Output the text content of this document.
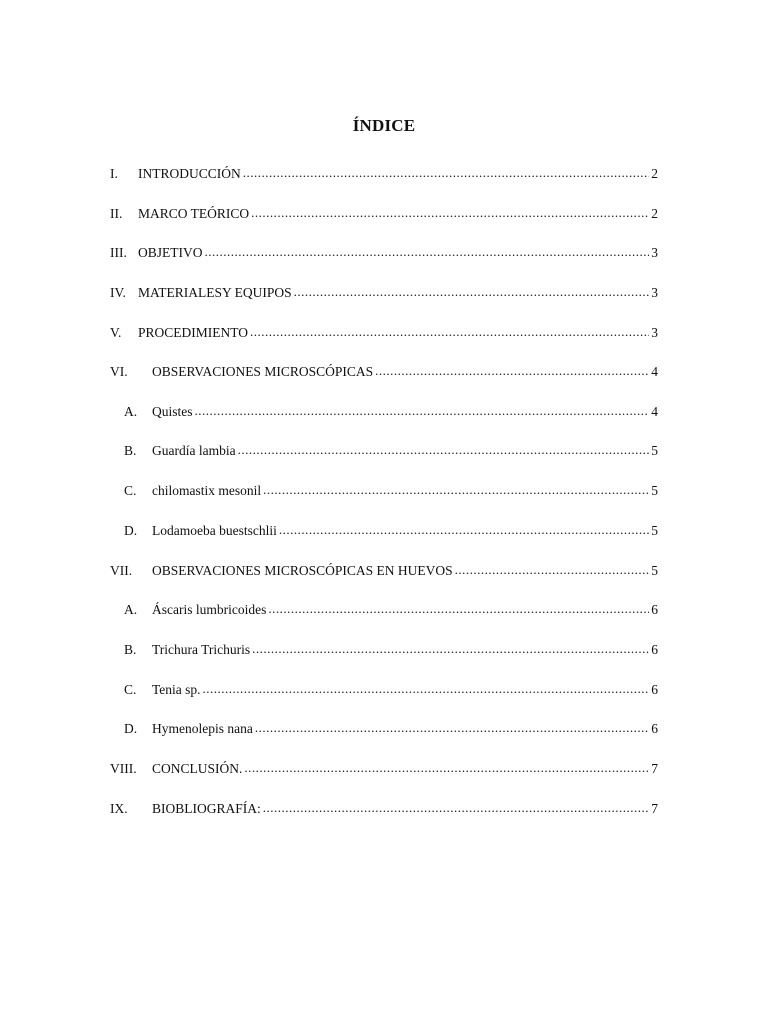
ÍNDICE
I.	INTRODUCCIÓN .....	2
II.	MARCO TEÓRICO .....	2
III. OBJETIVO .....	3
IV. MATERIALESY EQUIPOS .....	3
V.	PROCEDIMIENTO .....	3
VI.	OBSERVACIONES MICROSCÓPICAS .....	4
A.	Quistes .....	4
B.	Guardía lambia .....	5
C.	chilomastix mesonil .....	5
D.	Lodamoeba buestschlii .....	5
VII.	OBSERVACIONES MICROSCÓPICAS EN HUEVOS .....	5
A.	Áscaris lumbricoides .....	6
B.	Trichura Trichuris .....	6
C.	Tenia sp. .....	6
D.	Hymenolepis nana .....	6
VIII.	CONCLUSIÓN. .....	7
IX.	BIOBLIOGRAFÍA: .....	7
